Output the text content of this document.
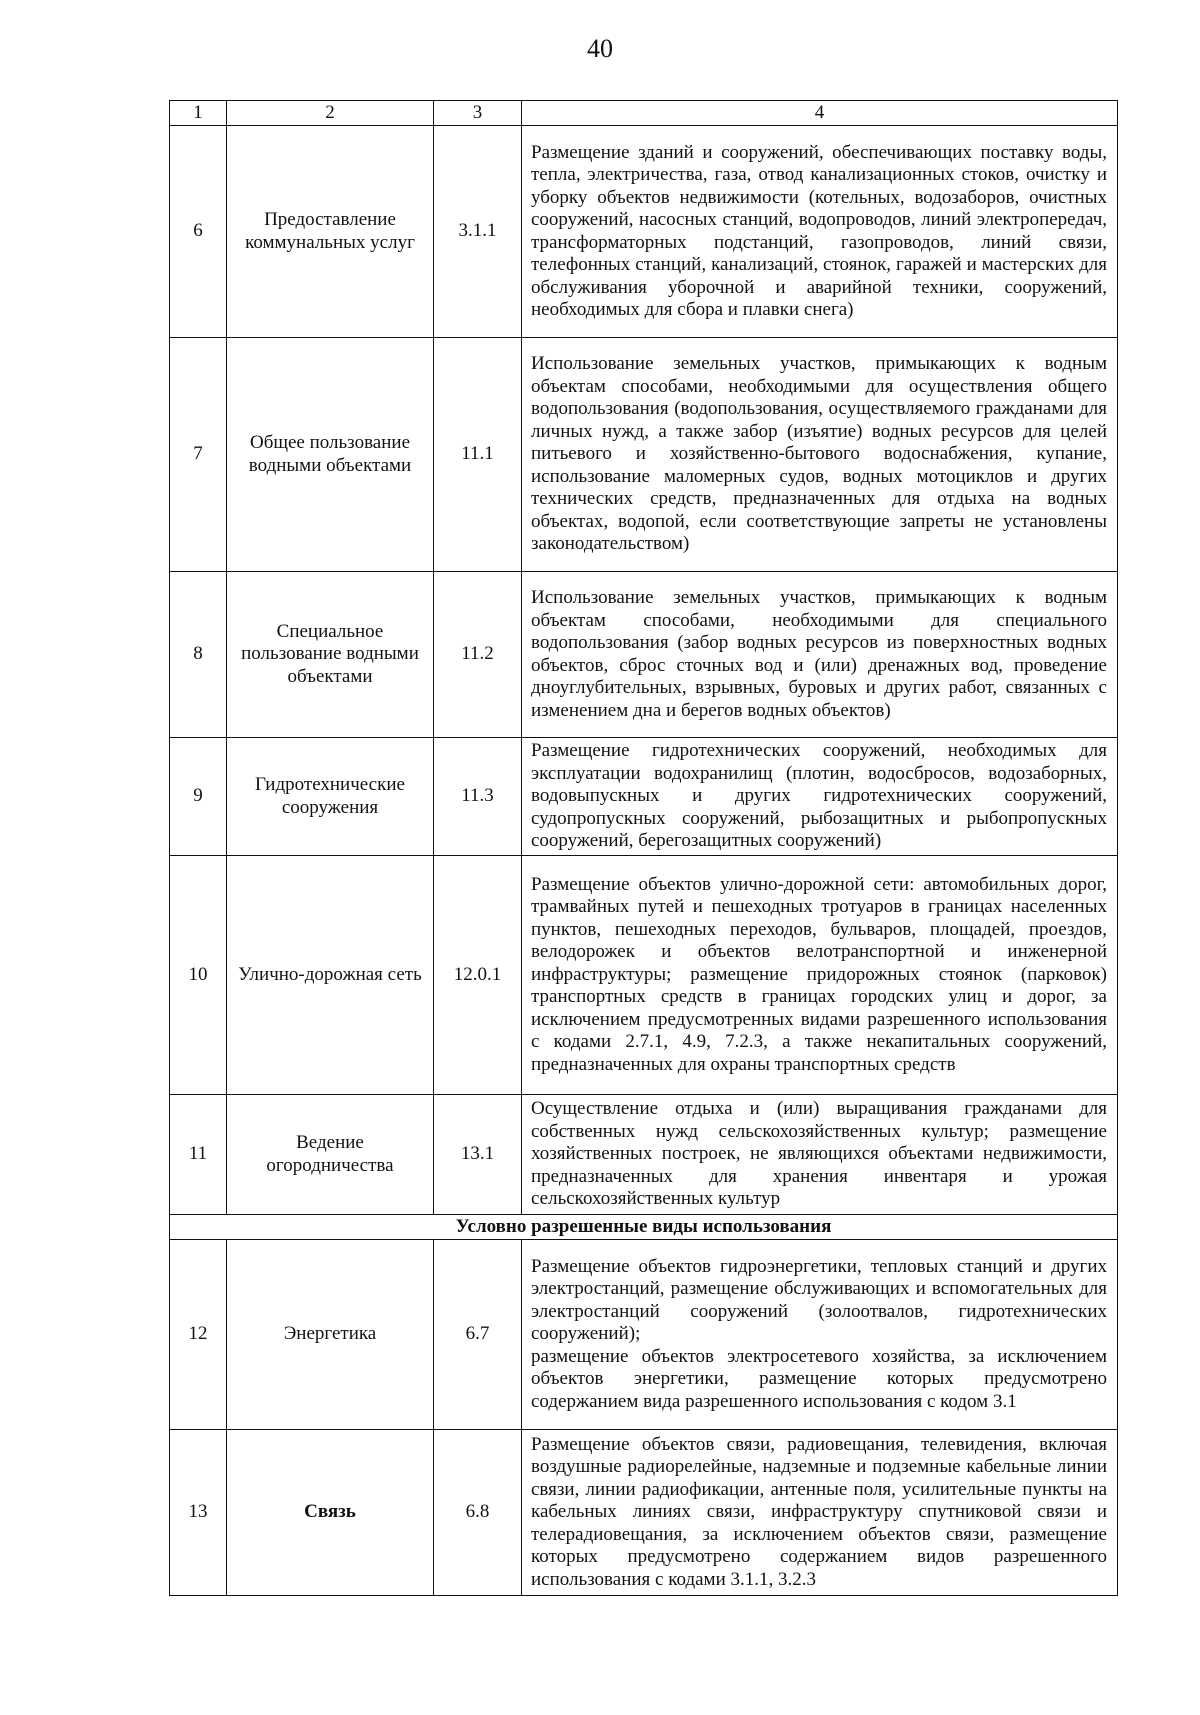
40
1	2	3	4
6	Предоставление коммунальных услуг	3.1.1	Размещение зданий и сооружений, обеспечивающих поставку воды, тепла, электричества, газа, отвод канализационных стоков, очистку и уборку объектов недвижимости (котельных, водозаборов, очистных сооружений, насосных станций, водопроводов, линий электропередач, трансформаторных подстанций, газопроводов, линий связи, телефонных станций, канализаций, стоянок, гаражей и мастерских для обслуживания уборочной и аварийной техники, сооружений, необходимых для сбора и плавки снега)
7	Общее пользование водными объектами	11.1	Использование земельных участков, примыкающих к водным объектам способами, необходимыми для осуществления общего водопользования (водопользования, осуществляемого гражданами для личных нужд, а также забор (изъятие) водных ресурсов для целей питьевого и хозяйственно-бытового водоснабжения, купание, использование маломерных судов, водных мотоциклов и других технических средств, предназначенных для отдыха на водных объектах, водопой, если соответствующие запреты не установлены законодательством)
8	Специальное пользование водными объектами	11.2	Использование земельных участков, примыкающих к водным объектам способами, необходимыми для специального водопользования (забор водных ресурсов из поверхностных водных объектов, сброс сточных вод и (или) дренажных вод, проведение дноуглубительных, взрывных, буровых и других работ, связанных с изменением дна и берегов водных объектов)
9	Гидротехнические сооружения	11.3	Размещение гидротехнических сооружений, необходимых для эксплуатации водохранилищ (плотин, водосбросов, водозаборных, водовыпускных и других гидротехнических сооружений, судопропускных сооружений, рыбозащитных и рыбопропускных сооружений, берегозащитных сооружений)
10	Улично-дорожная сеть	12.0.1	Размещение объектов улично-дорожной сети: автомобильных дорог, трамвайных путей и пешеходных тротуаров в границах населенных пунктов, пешеходных переходов, бульваров, площадей, проездов, велодорожек и объектов велотранспортной и инженерной инфраструктуры; размещение придорожных стоянок (парковок) транспортных средств в границах городских улиц и дорог, за исключением предусмотренных видами разрешенного использования с кодами 2.7.1, 4.9, 7.2.3, а также некапитальных сооружений, предназначенных для охраны транспортных средств
11	Ведение огородничества	13.1	Осуществление отдыха и (или) выращивания гражданами для собственных нужд сельскохозяйственных культур; размещение хозяйственных построек, не являющихся объектами недвижимости, предназначенных для хранения инвентаря и урожая сельскохозяйственных культур
Условно разрешенные виды использования			
12	Энергетика	6.7	Размещение объектов гидроэнергетики, тепловых станций и других электростанций, размещение обслуживающих и вспомогательных для электростанций сооружений (золоотвалов, гидротехнических сооружений);
размещение объектов электросетевого хозяйства, за исключением объектов энергетики, размещение которых предусмотрено содержанием вида разрешенного использования с кодом 3.1

13	Связь	6.8	Размещение объектов связи, радиовещания, телевидения, включая воздушные радиорелейные, надземные и подземные кабельные линии связи, линии радиофикации, антенные поля, усилительные пункты на кабельных линиях связи, инфраструктуру спутниковой связи и телерадиовещания, за исключением объектов связи, размещение которых предусмотрено содержанием видов разрешенного использования с кодами 3.1.1, 3.2.3
